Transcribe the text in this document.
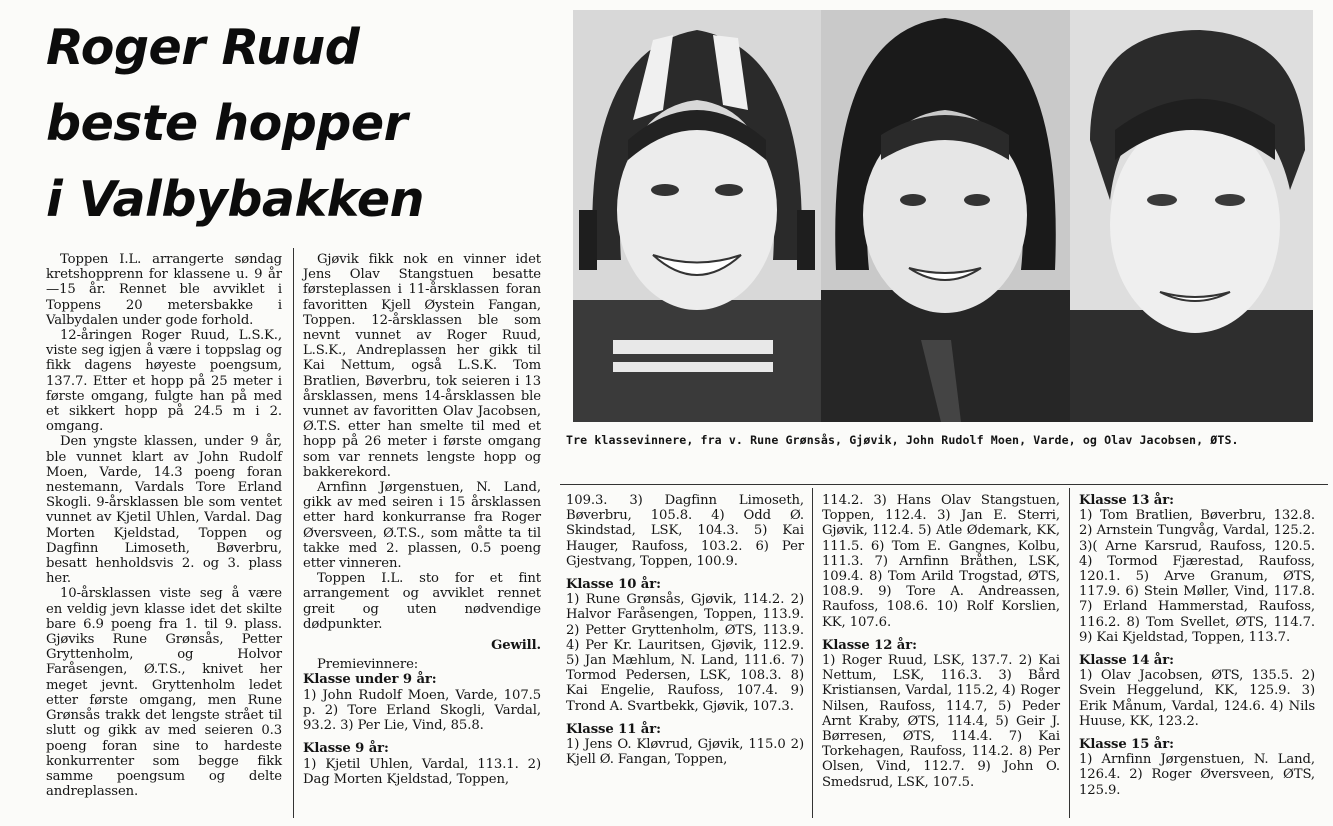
Roger Ruud
beste hopper
i Valbybakken

Toppen I.L. arrangerte søndag kretshopprenn for klassene u. 9 år—15 år. Rennet ble avviklet i Toppens 20 metersbakke i Valbydalen under gode forhold.

12-åringen Roger Ruud, L.S.K., viste seg igjen å være i toppslag og fikk dagens høyeste poengsum, 137.7. Etter et hopp på 25 meter i første omgang, fulgte han på med et sikkert hopp på 24.5 m i 2. omgang.

Den yngste klassen, under 9 år, ble vunnet klart av John Rudolf Moen, Varde, 14.3 poeng foran nestemann, Vardals Tore Erland Skogli. 9-årsklassen ble som ventet vunnet av Kjetil Uhlen, Vardal. Dag Morten Kjeldstad, Toppen og Dagfinn Limoseth, Bøverbru, besatt henholdsvis 2. og 3. plass her.

10-årsklassen viste seg å være en veldig jevn klasse idet det skilte bare 6.9 poeng fra 1. til 9. plass. Gjøviks Rune Grønsås, Petter Gryttenholm, og Holvor Faråsengen, Ø.T.S., knivet her meget jevnt. Gryttenholm ledet etter første omgang, men Rune Grønsås trakk det lengste strået til slutt og gikk av med seieren 0.3 poeng foran sine to hardeste konkurrenter som begge fikk samme poengsum og delte andreplassen.

Gjøvik fikk nok en vinner idet Jens Olav Stangstuen besatte førsteplassen i 11-årsklassen foran favoritten Kjell Øystein Fangan, Toppen. 12-årsklassen ble som nevnt vunnet av Roger Ruud, L.S.K., Andreplassen her gikk til Kai Nettum, også L.S.K. Tom Bratlien, Bøverbru, tok seieren i 13 årsklassen, mens 14-årsklassen ble vunnet av favoritten Olav Jacobsen, Ø.T.S. etter han smelte til med et hopp på 26 meter i første omgang som var rennets lengste hopp og bakkerekord.

Arnfinn Jørgenstuen, N. Land, gikk av med seiren i 15 årsklassen etter hard konkurranse fra Roger Øversveen, Ø.T.S., som måtte ta til takke med 2. plassen, 0.5 poeng etter vinneren.

Toppen I.L. sto for et fint arrangement og avviklet rennet greit og uten nødvendige dødpunkter.

Gewill.

Premievinnere:

Klasse under 9 år:

1) John Rudolf Moen, Varde, 107.5 p. 2) Tore Erland Skogli, Vardal, 93.2. 3) Per Lie, Vind, 85.8.

Klasse 9 år:

1) Kjetil Uhlen, Vardal, 113.1. 2) Dag Morten Kjeldstad, Toppen,

Tre klassevinnere, fra v. Rune Grønsås, Gjøvik, John Rudolf Moen, Varde, og Olav Jacobsen, ØTS.

109.3. 3) Dagfinn Limoseth, Bøverbru, 105.8. 4) Odd Ø. Skindstad, LSK, 104.3. 5) Kai Hauger, Raufoss, 103.2. 6) Per Gjestvang, Toppen, 100.9.

Klasse 10 år:

1) Rune Grønsås, Gjøvik, 114.2. 2) Halvor Faråsengen, Toppen, 113.9. 2) Petter Gryttenholm, ØTS, 113.9. 4) Per Kr. Lauritsen, Gjøvik, 112.9. 5) Jan Mæhlum, N. Land, 111.6. 7) Tormod Pedersen, LSK, 108.3. 8) Kai Engelie, Raufoss, 107.4. 9) Trond A. Svartbekk, Gjøvik, 107.3.

Klasse 11 år:

1) Jens O. Kløvrud, Gjøvik, 115.0 2) Kjell Ø. Fangan, Toppen,

114.2. 3) Hans Olav Stangstuen, Toppen, 112.4. 3) Jan E. Sterri, Gjøvik, 112.4. 5) Atle Ødemark, KK, 111.5. 6) Tom E. Gangnes, Kolbu, 111.3. 7) Arnfinn Bråthen, LSK, 109.4. 8) Tom Arild Trogstad, ØTS, 108.9. 9) Tore A. Andreassen, Raufoss, 108.6. 10) Rolf Korslien, KK, 107.6.

Klasse 12 år:

1) Roger Ruud, LSK, 137.7. 2) Kai Nettum, LSK, 116.3. 3) Bård Kristiansen, Vardal, 115.2, 4) Roger Nilsen, Raufoss, 114.7, 5) Peder Arnt Kraby, ØTS, 114.4, 5) Geir J. Børresen, ØTS, 114.4. 7) Kai Torkehagen, Raufoss, 114.2. 8) Per Olsen, Vind, 112.7. 9) John O. Smedsrud, LSK, 107.5.

Klasse 13 år:

1) Tom Bratlien, Bøverbru, 132.8. 2) Arnstein Tungvåg, Vardal, 125.2. 3)( Arne Karsrud, Raufoss, 120.5. 4) Tormod Fjærestad, Raufoss, 120.1. 5) Arve Granum, ØTS, 117.9. 6) Stein Møller, Vind, 117.8. 7) Erland Hammerstad, Raufoss, 116.2. 8) Tom Svellet, ØTS, 114.7. 9) Kai Kjeldstad, Toppen, 113.7.

Klasse 14 år:

1) Olav Jacobsen, ØTS, 135.5. 2) Svein Heggelund, KK, 125.9. 3) Erik Månum, Vardal, 124.6. 4) Nils Huuse, KK, 123.2.

Klasse 15 år:

1) Arnfinn Jørgenstuen, N. Land, 126.4. 2) Roger Øversveen, ØTS, 125.9.
